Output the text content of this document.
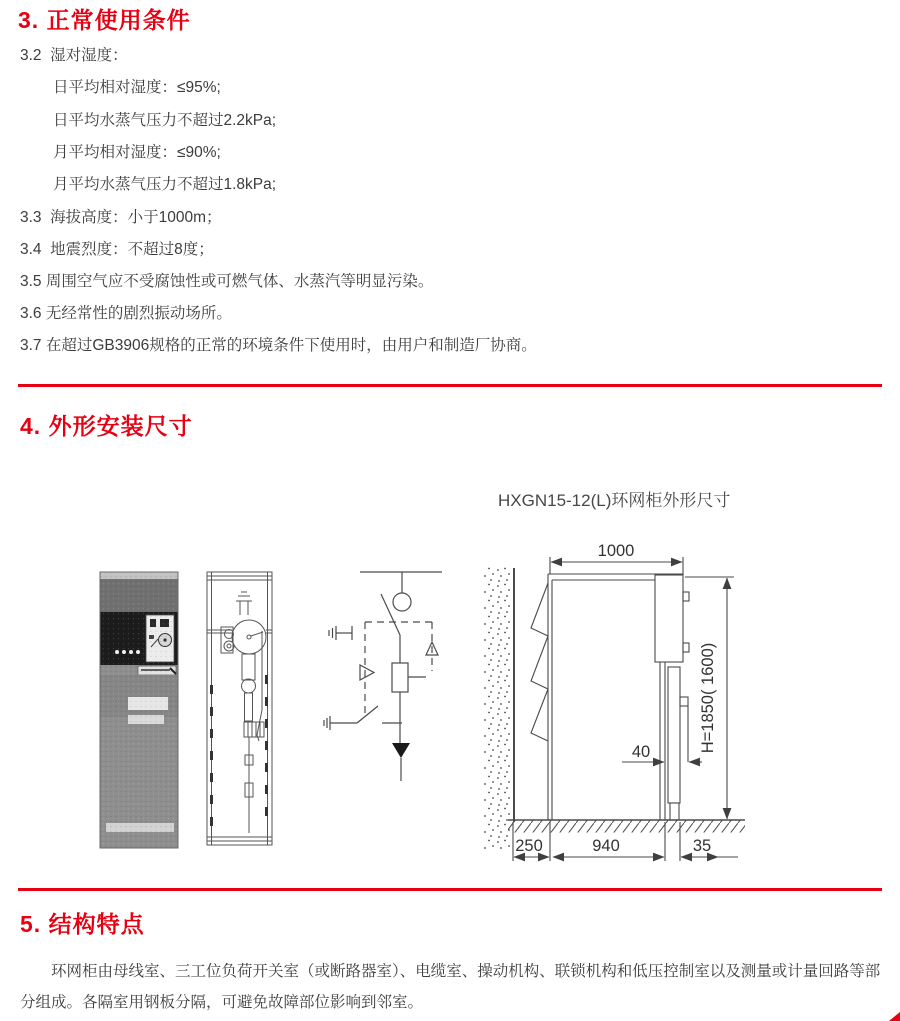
3. 正常使用条件
3.2  湿对湿度：
日平均相对湿度：≤95%;
日平均水蒸气压力不超过2.2kPa;
月平均相对湿度：≤90%;
月平均水蒸气压力不超过1.8kPa;
3.3  海拔高度：小于1000m；
3.4  地震烈度：不超过8度；
3.5 周围空气应不受腐蚀性或可燃气体、水蒸汽等明显污染。
3.6 无经常性的剧烈振动场所。
3.7 在超过GB3906规格的正常的环境条件下使用时，由用户和制造厂协商。
4. 外形安装尺寸
HXGN15-12(L)环网柜外形尺寸
1000
H=1850( 1600)
40
250	940	35
5. 结构特点

环网柜由母线室、三工位负荷开关室（或断路器室）、电缆室、操动机构、联锁机构和低压控制室以及测量或计量回路等部分组成。各隔室用钢板分隔，可避免故障部位影响到邻室。
